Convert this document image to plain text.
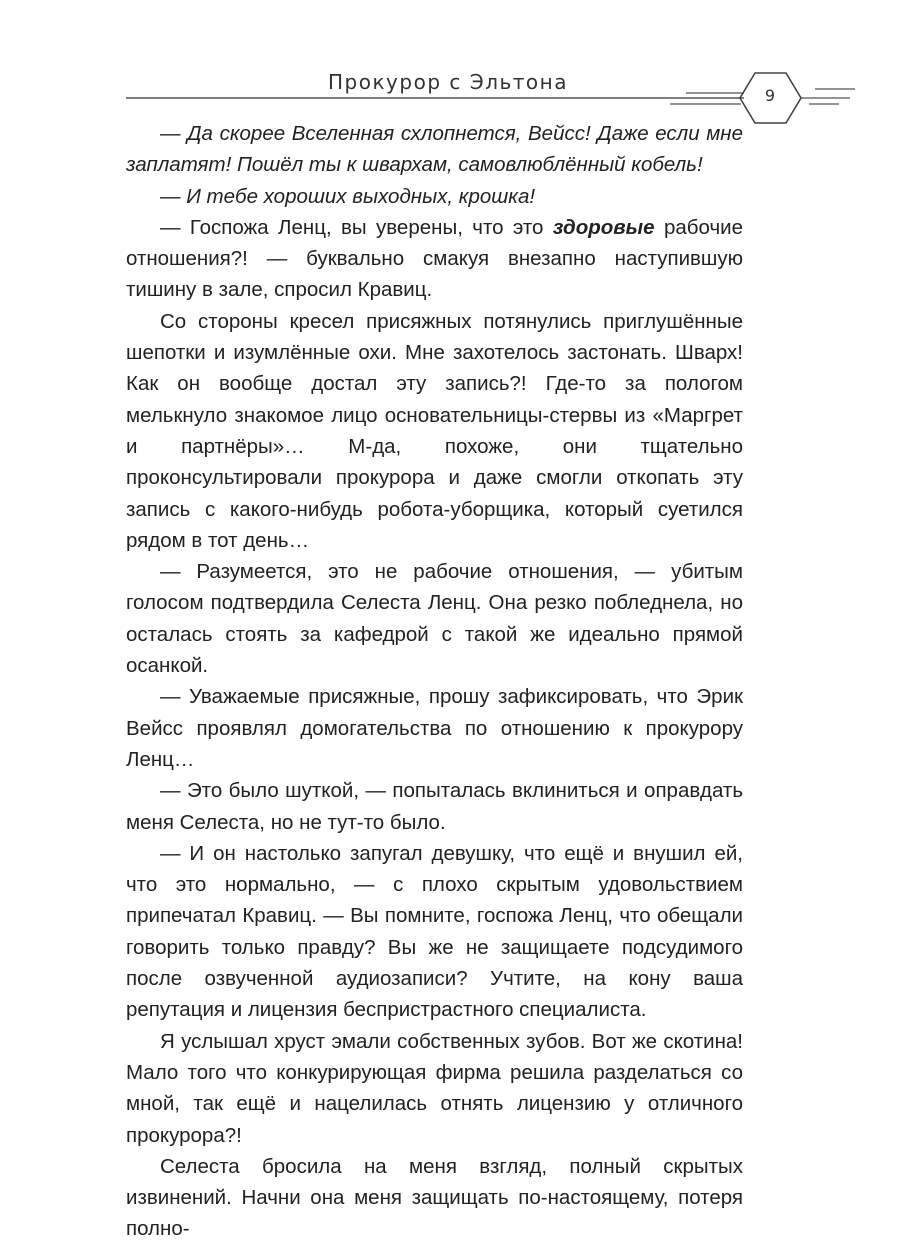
Прокурор с Эльтона
9

— Да скорее Вселенная схлопнется, Вейсс! Даже если мне заплатят! Пошёл ты к швархам, самовлюблённый кобель!

— И тебе хороших выходных, крошка!

— Госпожа Ленц, вы уверены, что это здоровые рабочие отношения?! — буквально смакуя внезапно наступившую тишину в зале, спросил Кравиц.

Со стороны кресел присяжных потянулись приглушённые шепотки и изумлённые охи. Мне захотелось застонать. Шварх! Как он вообще достал эту запись?! Где-то за пологом мелькнуло знакомое лицо основательницы-стервы из «Маргрет и партнёры»… М-да, похоже, они тщательно проконсультировали прокурора и даже смогли откопать эту запись с какого-нибудь робота-уборщика, который суетился рядом в тот день…

— Разумеется, это не рабочие отношения, — убитым голосом подтвердила Селеста Ленц. Она резко побледнела, но осталась стоять за кафедрой с такой же идеально прямой осанкой.

— Уважаемые присяжные, прошу зафиксировать, что Эрик Вейсс проявлял домогательства по отношению к прокурору Ленц…

— Это было шуткой, — попыталась вклиниться и оправдать меня Селеста, но не тут-то было.

— И он настолько запугал девушку, что ещё и внушил ей, что это нормально, — с плохо скрытым удовольствием припечатал Кравиц. — Вы помните, госпожа Ленц, что обещали говорить только правду? Вы же не защищаете подсудимого после озвученной аудиозаписи? Учтите, на кону ваша репутация и лицензия беспристрастного специалиста.

Я услышал хруст эмали собственных зубов. Вот же скотина! Мало того что конкурирующая фирма решила разделаться со мной, так ещё и нацелилась отнять лицензию у отличного прокурора?!

Селеста бросила на меня взгляд, полный скрытых извинений. Начни она меня защищать по-настоящему, потеря полно-
